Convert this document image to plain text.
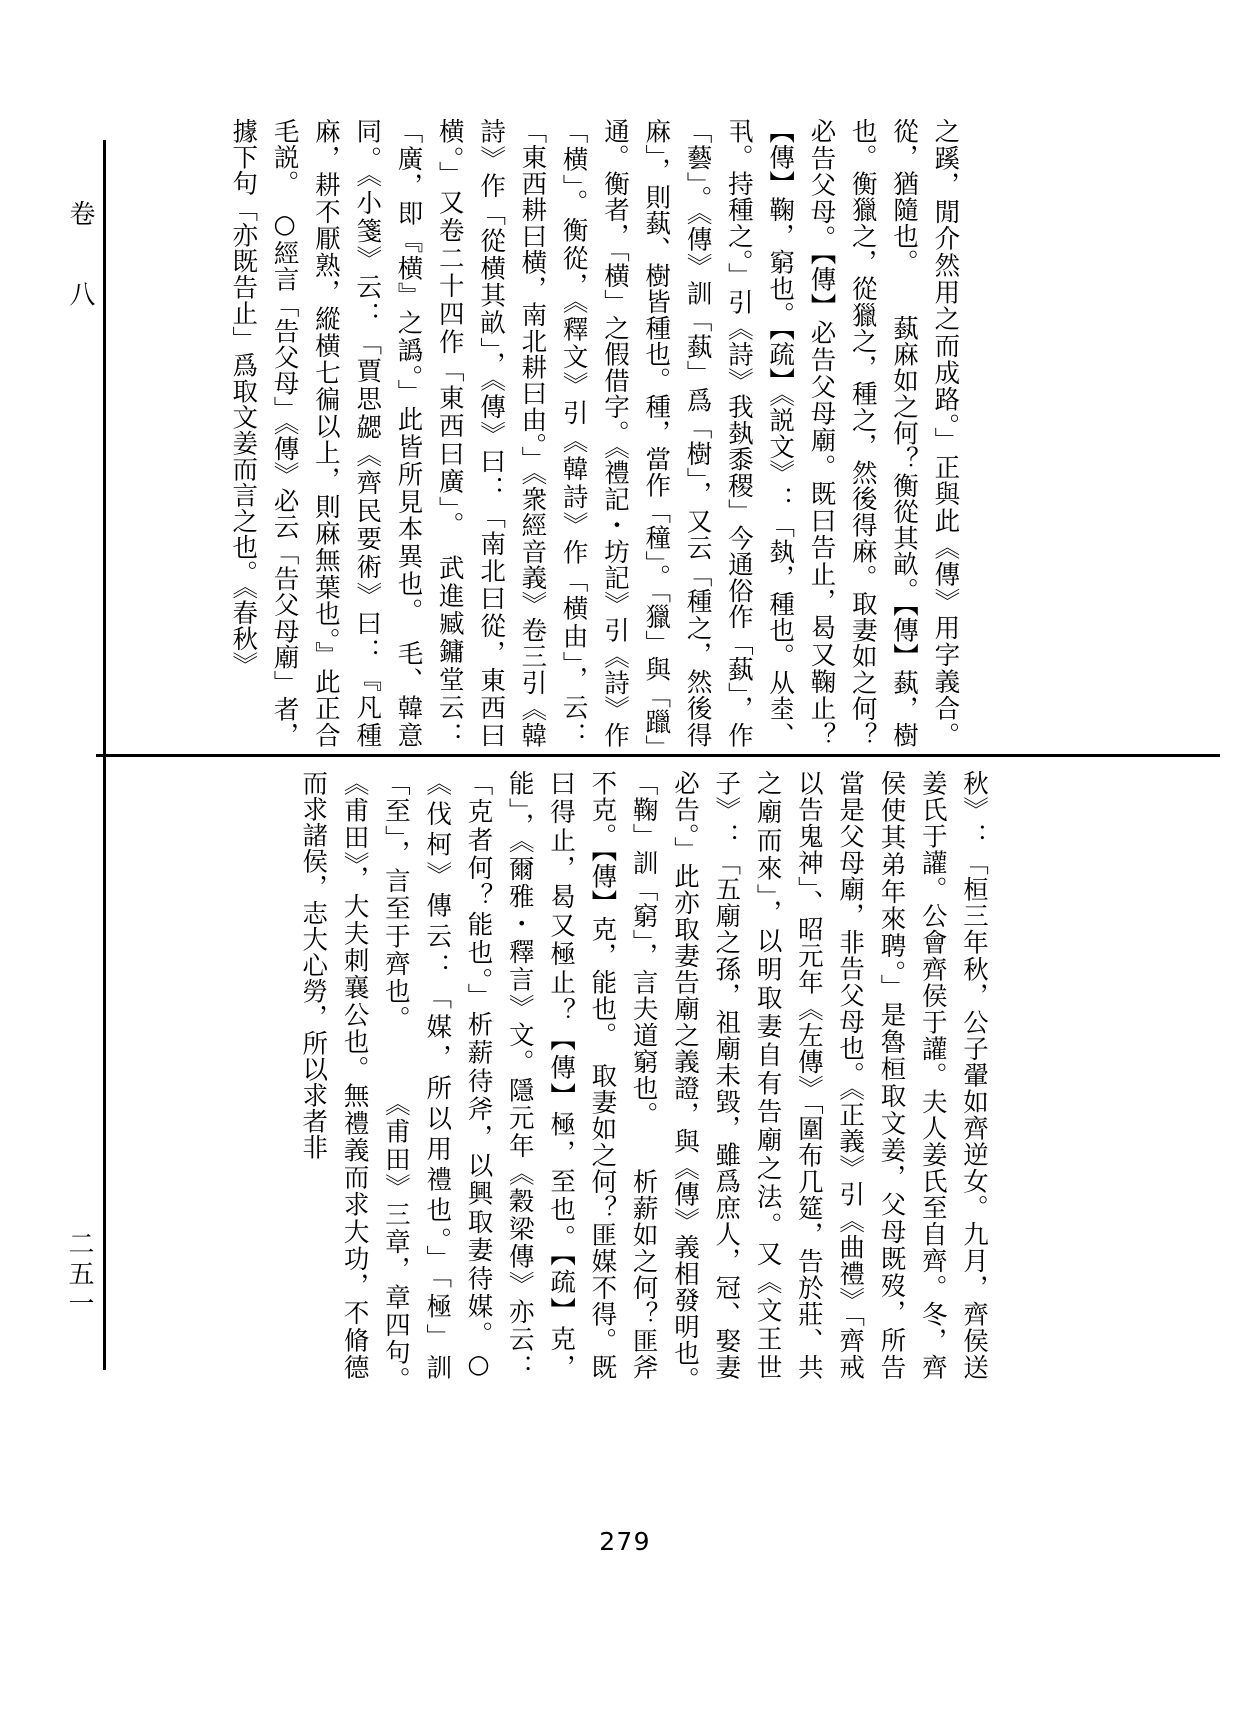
卷　八
二五一
之蹊，閒介然用之而成路。」正與此《傳》用字義合。從，猶隨也。　　蓺麻如之何？衡從其畝。【傳】蓺，樹也。衡獵之，從獵之，種之，然後得麻。取妻如之何？必告父母。【傳】必告父母廟。既曰告止，曷又鞠止？【傳】鞠，窮也。【疏】《説文》：「埶，種也。从坴、丮。持種之。」引《詩》我埶黍稷」今通俗作「蓺」，作「藝」。《傳》訓「蓺」爲「樹」，又云「種之，然後得麻」，則蓺、樹皆種也。種，當作「穜」。「獵」與「躐」通。衡者，「横」之假借字。《禮記・坊記》引《詩》作「横」。衡從，《釋文》引《韓詩》作「横由」，云：「東西耕曰横，南北耕曰由。」《衆經音義》卷三引《韓詩》作「從横其畝」，《傳》曰：「南北曰從，東西曰横。」又卷二十四作「東西曰廣」。　武進臧鏞堂云：「廣，即『横』之譌。」此皆所見本異也。　毛、韓意同。《小箋》云：「賈思勰《齊民要術》曰：『凡種麻，耕不厭熟，縱横七徧以上，則麻無葉也。』此正合毛説。　○經言「告父母」《傳》必云「告父母廟」者，據下句「亦既告止」爲取文姜而言之也。《春秋》
秋》：「桓三年秋，公子翬如齊逆女。九月，齊侯送姜氏于讙。公會齊侯于讙。夫人姜氏至自齊。冬，齊侯使其弟年來聘。」是魯桓取文姜，父母既歿，所告當是父母廟，非告父母也。《正義》引《曲禮》「齊戒以告鬼神」、昭元年《左傳》「圍布几筵，告於莊、共之廟而來」，以明取妻自有告廟之法。又《文王世子》：「五廟之孫，祖廟未毀，雖爲庶人，冠、娶妻必告。」此亦取妻告廟之義證，與《傳》義相發明也。　「鞠」訓「窮」，言夫道窮也。　　析薪如之何？匪斧不克。【傳】克，能也。　取妻如之何？匪媒不得。既曰得止，曷又極止？【傳】極，至也。【疏】克，能」，《爾雅・釋言》文。隱元年《穀梁傳》亦云：「克者何？能也。」析薪待斧，以興取妻待媒。○《伐柯》傳云：「媒，所以用禮也。」「極」訓「至」，言至于齊也。　　　《甫田》三章，章四句。　　《甫田》，大夫刺襄公也。無禮義而求大功，不脩德而求諸侯，志大心勞，所以求者非
279
